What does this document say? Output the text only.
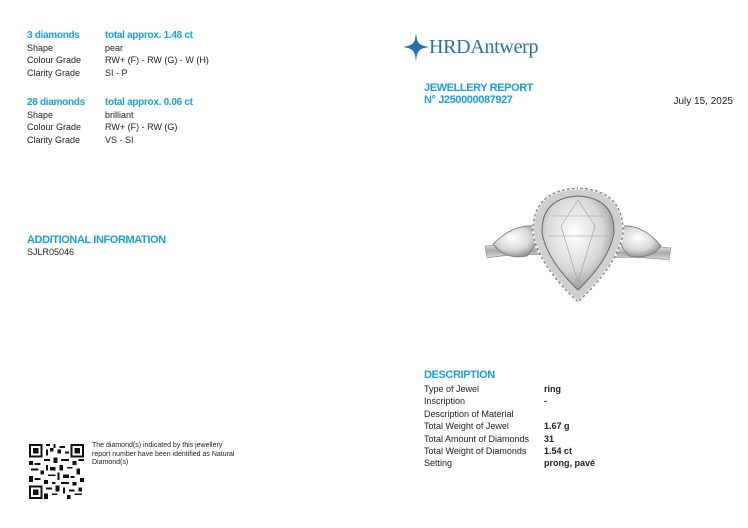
3 diamonds	total approx. 1.48 ct
Shape	pear
Colour Grade	RW+ (F) - RW (G) - W (H)
Clarity Grade	SI - P
28 diamonds	total approx. 0.06 ct
Shape	brilliant
Colour Grade	RW+ (F) - RW (G)
Clarity Grade	VS - SI
ADDITIONAL INFORMATION
SJLR05046
The diamond(s) indicated by this jewellery report number have been identified as Natural Diamond(s)
HRDAntwerp
JEWELLERY REPORT
N° J250000087927	July 15, 2025
DESCRIPTION
Type of Jewel	ring
Inscription	-
Description of Material
Total Weight of Jewel	1.67 g
Total Amount of Diamonds	31
Total Weight of Diamonds	1.54 ct
Setting	prong, pavé
